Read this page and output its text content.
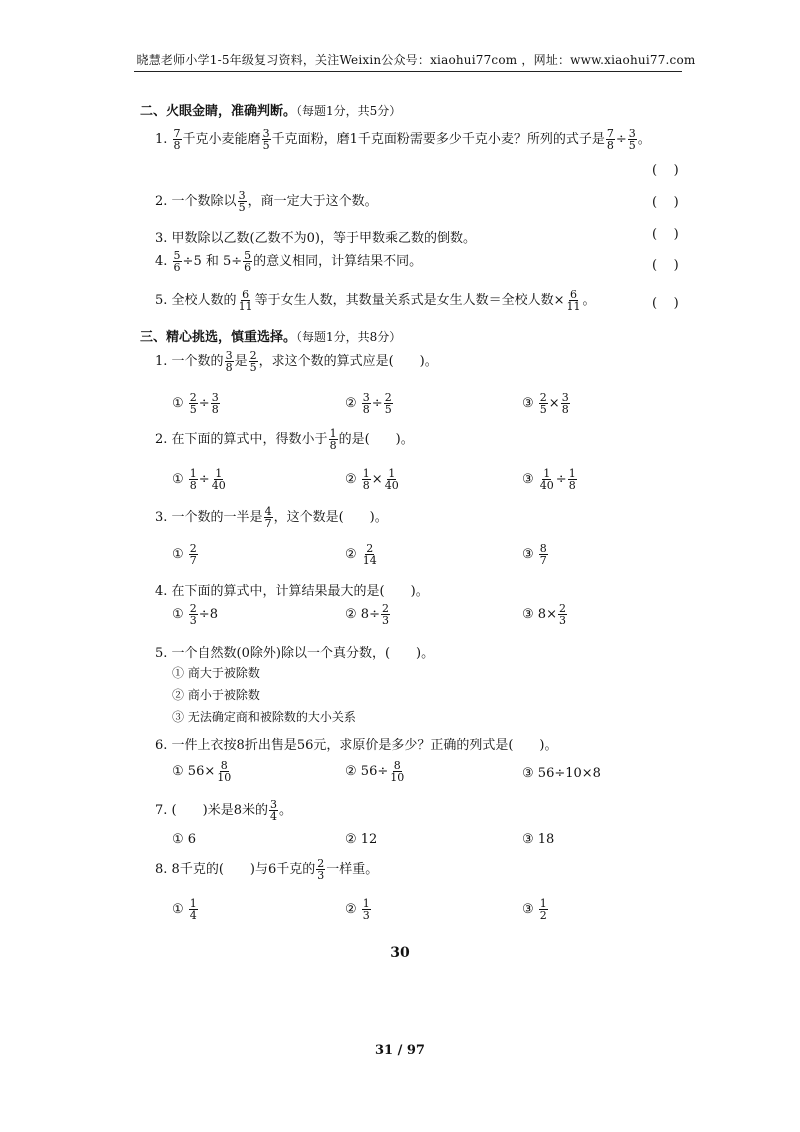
晓慧老师小学1-5年级复习资料，关注Weixin公众号：xiaohui77com ，网址：www.xiaohui77.com
二、火眼金睛，准确判断。（每题1分，共5分）
1. $\frac{7}{8}$ 千克小麦能磨 $\frac{3}{5}$ 千克面粉，磨1千克面粉需要多少千克小麦？所列的式子是 $\frac{7}{8} \div \frac{3}{5}$ 。
(    )
2. 一个数除以 $\frac{3}{5}$ ，商一定大于这个数。	(    )
3. 甲数除以乙数(乙数不为0)，等于甲数乘乙数的倒数。	(    )
4. $\frac{5}{6} \div 5$ 和 $5\div \frac{5}{6}$ 的意义相同，计算结果不同。	(    )
5. 全校人数的 $\frac{6}{11}$ 等于女生人数，其数量关系式是女生人数＝全校人数× $\frac{6}{11}$ 。	(    )
三、精心挑选，慎重选择。（每题1分，共8分）
1. 一个数的 $\frac{3}{8}$ 是 $\frac{2}{5}$ ，求这个数的算式应是(　　)。
① $\frac{2}{5} \div \frac{3}{8}$	② $\frac{3}{8} \div \frac{2}{5}$	③ $\frac{2}{5} \times \frac{3}{8}$
2. 在下面的算式中，得数小于 $\frac{1}{8}$ 的是(　　)。
① $\frac{1}{8} \div \frac{1}{40}$	② $\frac{1}{8} \times \frac{1}{40}$	③ $\frac{1}{40} \div \frac{1}{8}$
3. 一个数的一半是 $\frac{4}{7}$ ，这个数是(　　)。
① $\frac{2}{7}$	② $\frac{2}{14}$	③ $\frac{8}{7}$
4. 在下面的算式中，计算结果最大的是(　　)。
① $\frac{2}{3} \div 8$	② $8\div \frac{2}{3}$	③ $8\times \frac{2}{3}$
5. 一个自然数(0除外)除以一个真分数，(　　)。
① 商大于被除数
② 商小于被除数
③ 无法确定商和被除数的大小关系
6. 一件上衣按8折出售是56元，求原价是多少？正确的列式是(　　)。
① $56\times \frac{8}{10}$	② $56\div \frac{8}{10}$	③ 56÷10×8
7. (　　)米是8米的 $\frac{3}{4}$ 。
① 6	② 12	③ 18
8. 8千克的(　　)与6千克的 $\frac{2}{3}$ 一样重。
① $\frac{1}{4}$	② $\frac{1}{3}$	③ $\frac{1}{2}$
30
31 / 97
